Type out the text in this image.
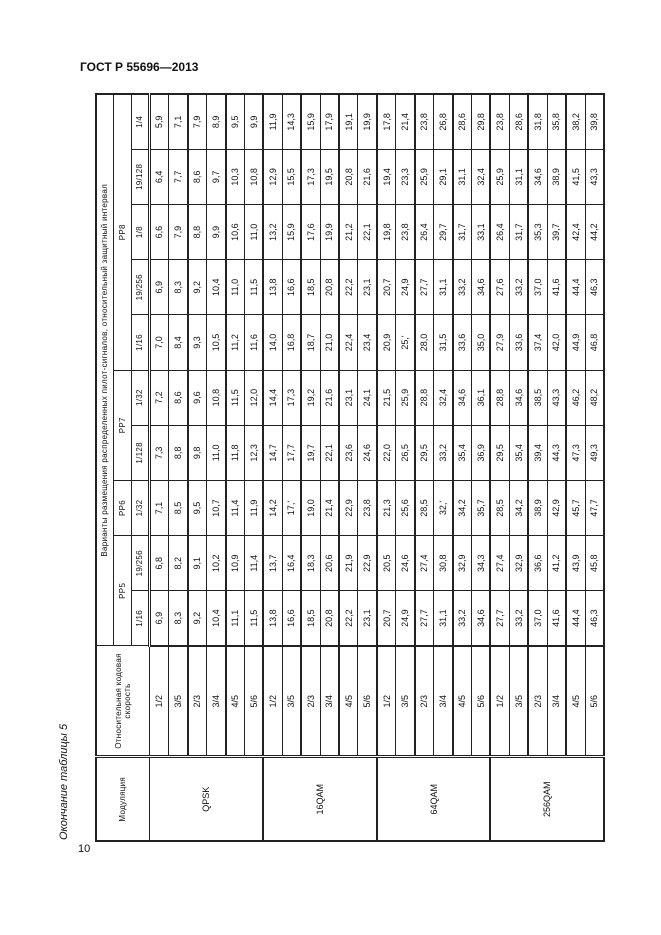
ГОСТ Р 55696—2013
Окончание таблицы 5
10
Модуляция	Относительная кодовая скорость	Варианты размещения распределенных пилот-сигналов, относительный защитный интервал									
		PP5		PP6	PP7		PP8				
		1/16	19/256	1/32	1/128	1/32	1/16	19/256	1/8	19/128	1/4
QPSK	1/2	6,9	6,8	7,1	7,3	7,2	7,0	6,9	6,6	6,4	5,9
	3/5	8,3	8,2	8,5	8,8	8,6	8,4	8,3	7,9	7,7	7,1
	2/3	9,2	9,1	9,5	9,8	9,6	9,3	9,2	8,8	8,6	7,9
	3/4	10,4	10,2	10,7	11,0	10,8	10,5	10,4	9,9	9,7	8,9
	4/5	11,1	10,9	11,4	11,8	11,5	11,2	11,0	10,6	10,3	9,5
	5/6	11,5	11,4	11,9	12,3	12,0	11,6	11,5	11,0	10,8	9,9
16QAM	1/2	13,8	13,7	14,2	14,7	14,4	14,0	13,8	13,2	12,9	11,9
	3/5	16,6	16,4	17,'	17,7	17,3	16,8	16,6	15,9	15,5	14,3
	2/3	18,5	18,3	19,0	19,7	19,2	18,7	18,5	17,6	17,3	15,9
	3/4	20,8	20,6	21,4	22,1	21,6	21,0	20,8	19,9	19,5	17,9
	4/5	22,2	21,9	22,9	23,6	23,1	22,4	22,2	21,2	20,8	19,1
	5/6	23,1	22,9	23,8	24,6	24,1	23,4	23,1	22,1	21,6	19,9
64QAM	1/2	20,7	20,5	21,3	22,0	21,5	20,9	20,7	19,8	19,4	17,8
	3/5	24,9	24,6	25,6	26,5	25,9	25,'	24,9	23,8	23,3	21,4
	2/3	27,7	27,4	28,5	29,5	28,8	28,0	27,7	26,4	25,9	23,8
	3/4	31,1	30,8	32,'	33,2	32,4	31,5	31,1	29,7	29,1	26,8
	4/5	33,2	32,9	34,2	35,4	34,6	33,6	33,2	31,7	31,1	28,6
	5/6	34,6	34,3	35,7	36,9	36,1	35,0	34,6	33,1	32,4	29,8
256QAM	1/2	27,7	27,4	28,5	29,5	28,8	27,9	27,6	26,4	25,9	23,8
	3/5	33,2	32,9	34,2	35,4	34,6	33,6	33,2	31,7	31,1	28,6
	2/3	37,0	36,6	38,9	39,4	38,5	37,4	37,0	35,3	34,6	31,8
	3/4	41,6	41,2	42,9	44,3	43,3	42,0	41,6	39,7	38,9	35,8
	4/5	44,4	43,9	45,7	47,3	46,2	44,9	44,4	42,4	41,5	38,2
	5/6	46,3	45,8	47,7	49,3	48,2	46,8	46,3	44,2	43,3	39,8
